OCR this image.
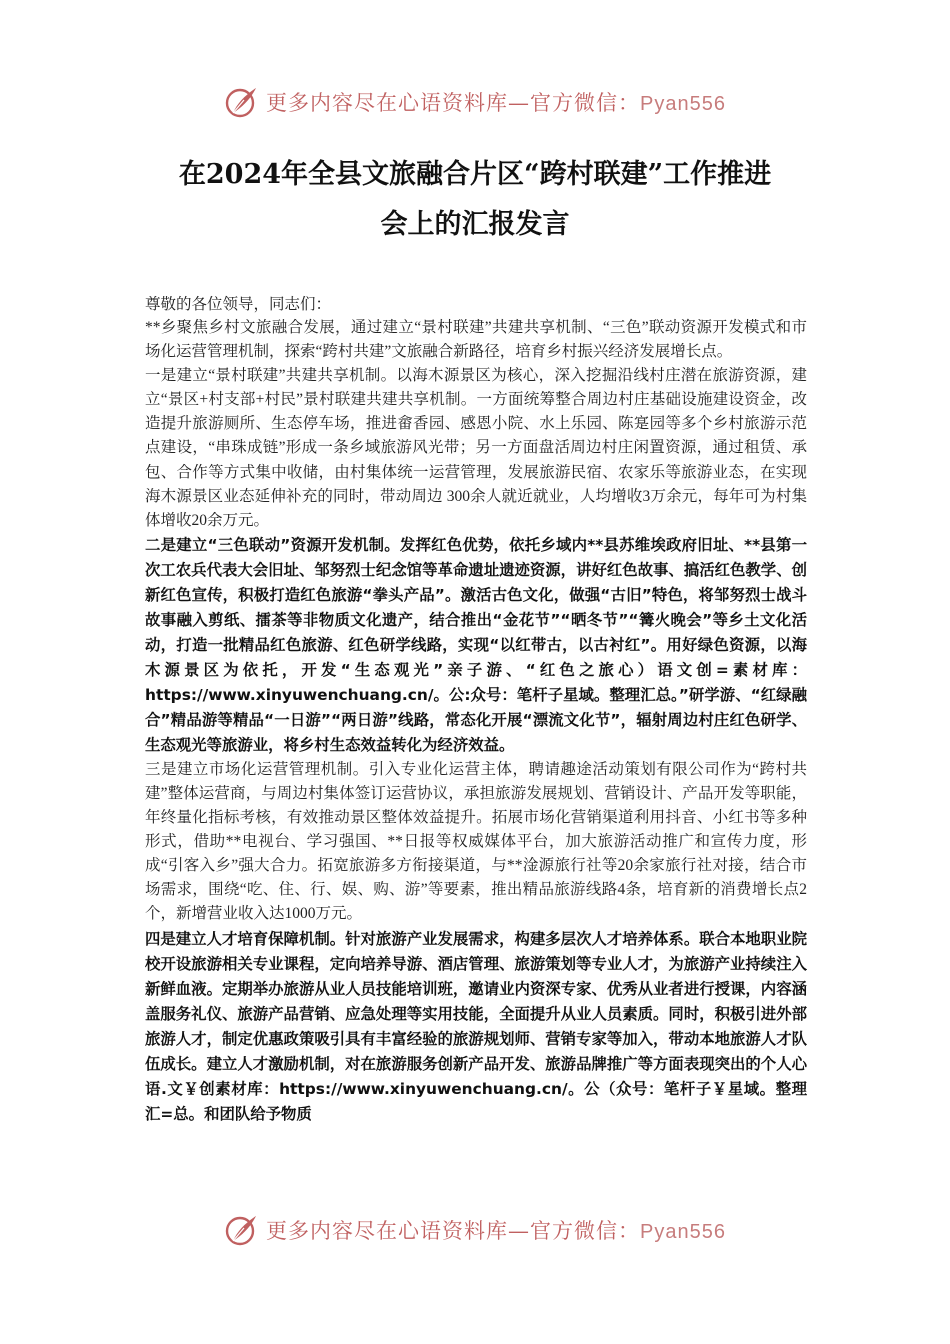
更多内容尽在心语资料库—官方微信：Pyan556
在2024年全县文旅融合片区“跨村联建”工作推进
会上的汇报发言

尊敬的各位领导，同志们：

**乡聚焦乡村文旅融合发展，通过建立“景村联建”共建共享机制、“三色”联动资源开发模式和市场化运营管理机制，探索“跨村共建”文旅融合新路径，培育乡村振兴经济发展增长点。

一是建立“景村联建”共建共享机制。以海木源景区为核心，深入挖掘沿线村庄潜在旅游资源，建立“景区+村支部+村民”景村联建共建共享机制。一方面统筹整合周边村庄基础设施建设资金，改造提升旅游厕所、生态停车场，推进畲香园、感恩小院、水上乐园、陈寔园等多个乡村旅游示范点建设，“串珠成链”形成一条乡域旅游风光带；另一方面盘活周边村庄闲置资源，通过租赁、承包、合作等方式集中收储，由村集体统一运营管理，发展旅游民宿、农家乐等旅游业态，在实现海木源景区业态延伸补充的同时，带动周边 300余人就近就业，人均增收3万余元，每年可为村集体增收20余万元。

二是建立“三色联动”资源开发机制。发挥红色优势，依托乡域内**县苏维埃政府旧址、**县第一次工农兵代表大会旧址、邹努烈士纪念馆等革命遗址遗迹资源，讲好红色故事、搞活红色教学、创新红色宣传，积极打造红色旅游“拳头产品”。激活古色文化，做强“古旧”特色，将邹努烈士战斗故事融入剪纸、擂茶等非物质文化遗产，结合推出“金花节”“晒冬节”“篝火晚会”等乡土文化活动，打造一批精品红色旅游、红色研学线路，实现“以红带古，以古衬红”。用好绿色资源，以海木源景区为依托，开发“生态观光”亲子游、“红色之旅心）语文创=素材库：https://www.xinyuwenchuang.cn/。公:众号：笔杆子星域。整理汇总。”研学游、“红绿融合”精品游等精品“一日游”“两日游”线路，常态化开展“漂流文化节”，辐射周边村庄红色研学、生态观光等旅游业，将乡村生态效益转化为经济效益。

三是建立市场化运营管理机制。引入专业化运营主体，聘请趣途活动策划有限公司作为“跨村共建”整体运营商，与周边村集体签订运营协议，承担旅游发展规划、营销设计、产品开发等职能，年终量化指标考核，有效推动景区整体效益提升。拓展市场化营销渠道利用抖音、小红书等多种形式，借助**电视台、学习强国、**日报等权威媒体平台，加大旅游活动推广和宣传力度，形成“引客入乡”强大合力。拓宽旅游多方衔接渠道，与**淦源旅行社等20余家旅行社对接，结合市场需求，围绕“吃、住、行、娱、购、游”等要素，推出精品旅游线路4条，培育新的消费增长点2个，新增营业收入达1000万元。

四是建立人才培育保障机制。针对旅游产业发展需求，构建多层次人才培养体系。联合本地职业院校开设旅游相关专业课程，定向培养导游、酒店管理、旅游策划等专业人才，为旅游产业持续注入新鲜血液。定期举办旅游从业人员技能培训班，邀请业内资深专家、优秀从业者进行授课，内容涵盖服务礼仪、旅游产品营销、应急处理等实用技能，全面提升从业人员素质。同时，积极引进外部旅游人才，制定优惠政策吸引具有丰富经验的旅游规划师、营销专家等加入，带动本地旅游人才队伍成长。建立人才激励机制，对在旅游服务创新产品开发、旅游品牌推广等方面表现突出的个人心语.文￥创素材库：https://www.xinyuwenchuang.cn/。公（众号：笔杆子￥星域。整理汇=总。和团队给予物质

更多内容尽在心语资料库—官方微信：Pyan556
